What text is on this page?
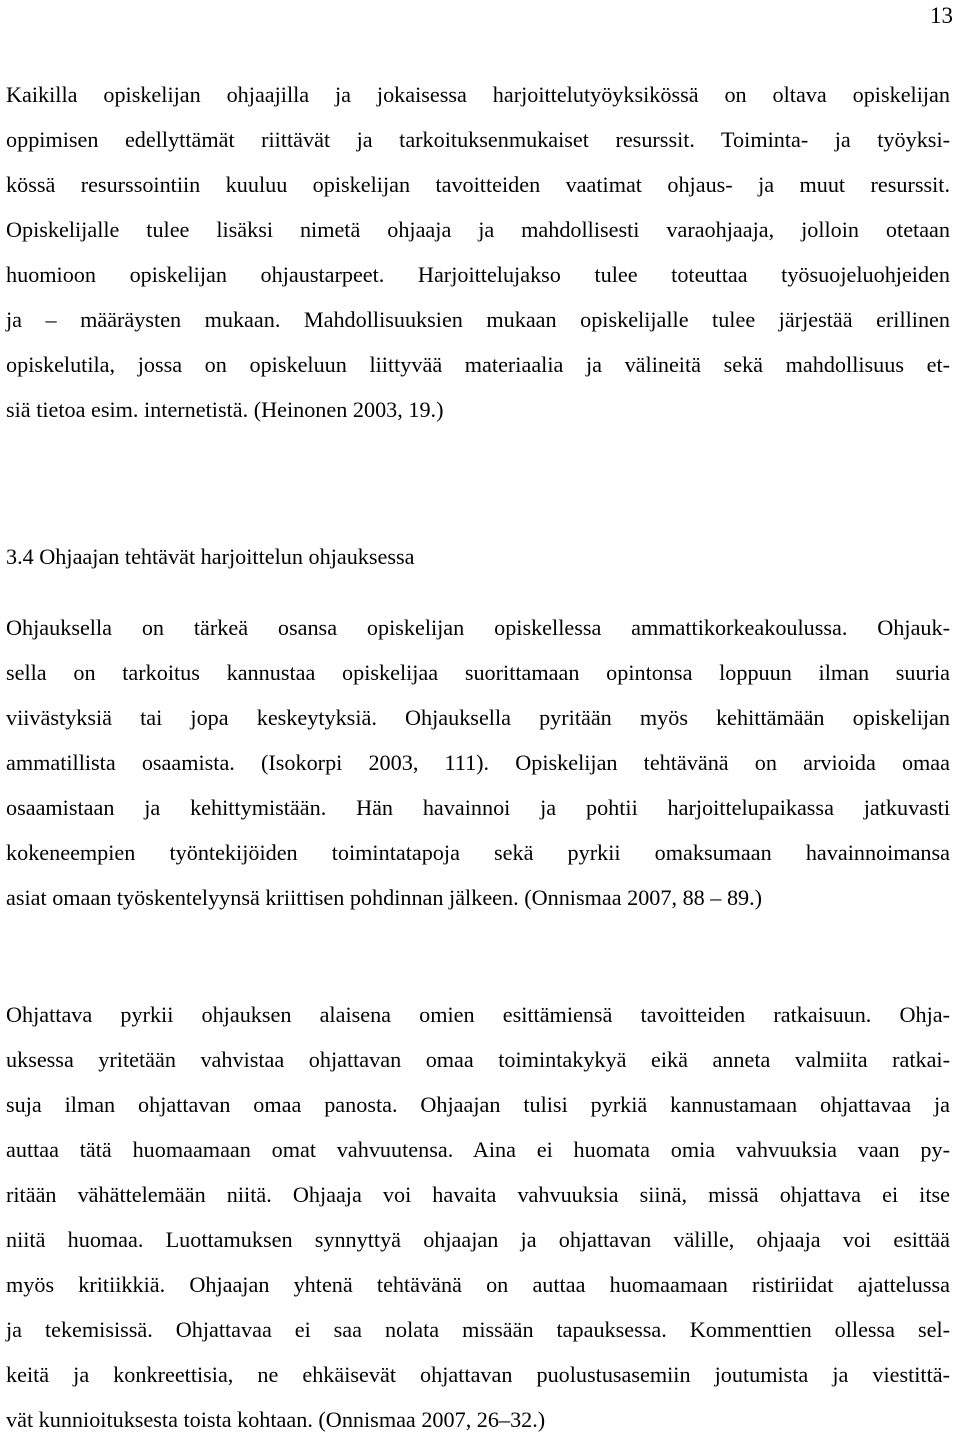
13
Kaikilla opiskelijan ohjaajilla ja jokaisessa harjoittelutyöyksikössä on oltava opiskelijan
oppimisen edellyttämät riittävät ja tarkoituksenmukaiset resurssit. Toiminta- ja työyksi-
kössä resurssointiin kuuluu opiskelijan tavoitteiden vaatimat ohjaus- ja muut resurssit.
Opiskelijalle tulee lisäksi nimetä ohjaaja ja mahdollisesti varaohjaaja, jolloin otetaan
huomioon opiskelijan ohjaustarpeet. Harjoittelujakso tulee toteuttaa työsuojeluohjeiden
ja – määräysten mukaan. Mahdollisuuksien mukaan opiskelijalle tulee järjestää erillinen
opiskelutila, jossa on opiskeluun liittyvää materiaalia ja välineitä sekä mahdollisuus et-
siä tietoa esim. internetistä. (Heinonen 2003, 19.)
3.4 Ohjaajan tehtävät harjoittelun ohjauksessa
Ohjauksella on tärkeä osansa opiskelijan opiskellessa ammattikorkeakoulussa. Ohjauk-
sella on tarkoitus kannustaa opiskelijaa suorittamaan opintonsa loppuun ilman suuria
viivästyksiä tai jopa keskeytyksiä. Ohjauksella pyritään myös kehittämään opiskelijan
ammatillista osaamista. (Isokorpi 2003, 111). Opiskelijan tehtävänä on arvioida omaa
osaamistaan ja kehittymistään. Hän havainnoi ja pohtii harjoittelupaikassa jatkuvasti
kokeneempien työntekijöiden toimintatapoja sekä pyrkii omaksumaan havainnoimansa
asiat omaan työskentelyynsä kriittisen pohdinnan jälkeen. (Onnismaa 2007, 88 – 89.)
Ohjattava pyrkii ohjauksen alaisena omien esittämiensä tavoitteiden ratkaisuun. Ohja-
uksessa yritetään vahvistaa ohjattavan omaa toimintakykyä eikä anneta valmiita ratkai-
suja ilman ohjattavan omaa panosta. Ohjaajan tulisi pyrkiä kannustamaan ohjattavaa ja
auttaa tätä huomaamaan omat vahvuutensa. Aina ei huomata omia vahvuuksia vaan py-
ritään vähättelemään niitä. Ohjaaja voi havaita vahvuuksia siinä, missä ohjattava ei itse
niitä huomaa. Luottamuksen synnyttyä ohjaajan ja ohjattavan välille, ohjaaja voi esittää
myös kritiikkiä. Ohjaajan yhtenä tehtävänä on auttaa huomaamaan ristiriidat ajattelussa
ja tekemisissä. Ohjattavaa ei saa nolata missään tapauksessa. Kommenttien ollessa sel-
keitä ja konkreettisia, ne ehkäisevät ohjattavan puolustusasemiin joutumista ja viestittä-
vät kunnioituksesta toista kohtaan. (Onnismaa 2007, 26–32.)
